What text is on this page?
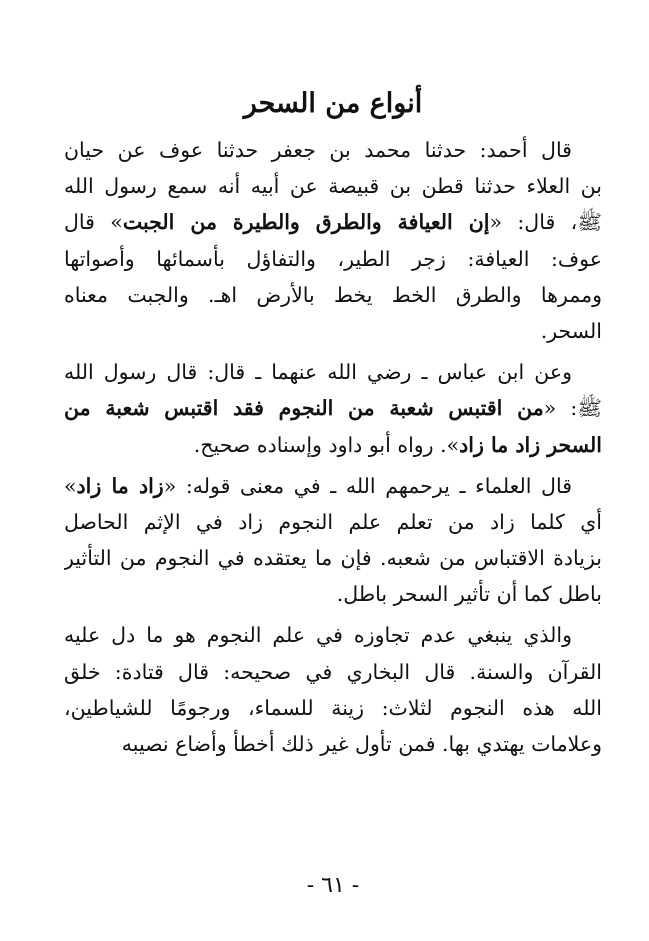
أنواع من السحر
قال أحمد: حدثنا محمد بن جعفر حدثنا عوف عن حيان
بن العلاء حدثنا قطن بن قبيصة عن أبيه أنه سمع رسول الله
ﷺ، قال: «إن العيافة والطرق والطيرة من الجبت» قال
عوف: العيافة: زجر الطير، والتفاؤل بأسمائها وأصواتها
وممرها والطرق الخط يخط بالأرض اهـ. والجبت معناه
السحر.
وعن ابن عباس ـ رضي الله عنهما ـ قال: قال رسول الله
ﷺ: «من اقتبس شعبة من النجوم فقد اقتبس شعبة من
السحر زاد ما زاد». رواه أبو داود وإسناده صحيح.
قال العلماء ـ يرحمهم الله ـ في معنى قوله: «زاد ما زاد»
أي كلما زاد من تعلم علم النجوم زاد في الإثم الحاصل
بزيادة الاقتباس من شعبه. فإن ما يعتقده في النجوم من التأثير
باطل كما أن تأثير السحر باطل.
والذي ينبغي عدم تجاوزه في علم النجوم هو ما دل عليه
القرآن والسنة. قال البخاري في صحيحه: قال قتادة: خلق
الله هذه النجوم لثلاث: زينة للسماء، ورجومًا للشياطين،
وعلامات يهتدي بها. فمن تأول غير ذلك أخطأ وأضاع نصيبه
- ٦١ -
